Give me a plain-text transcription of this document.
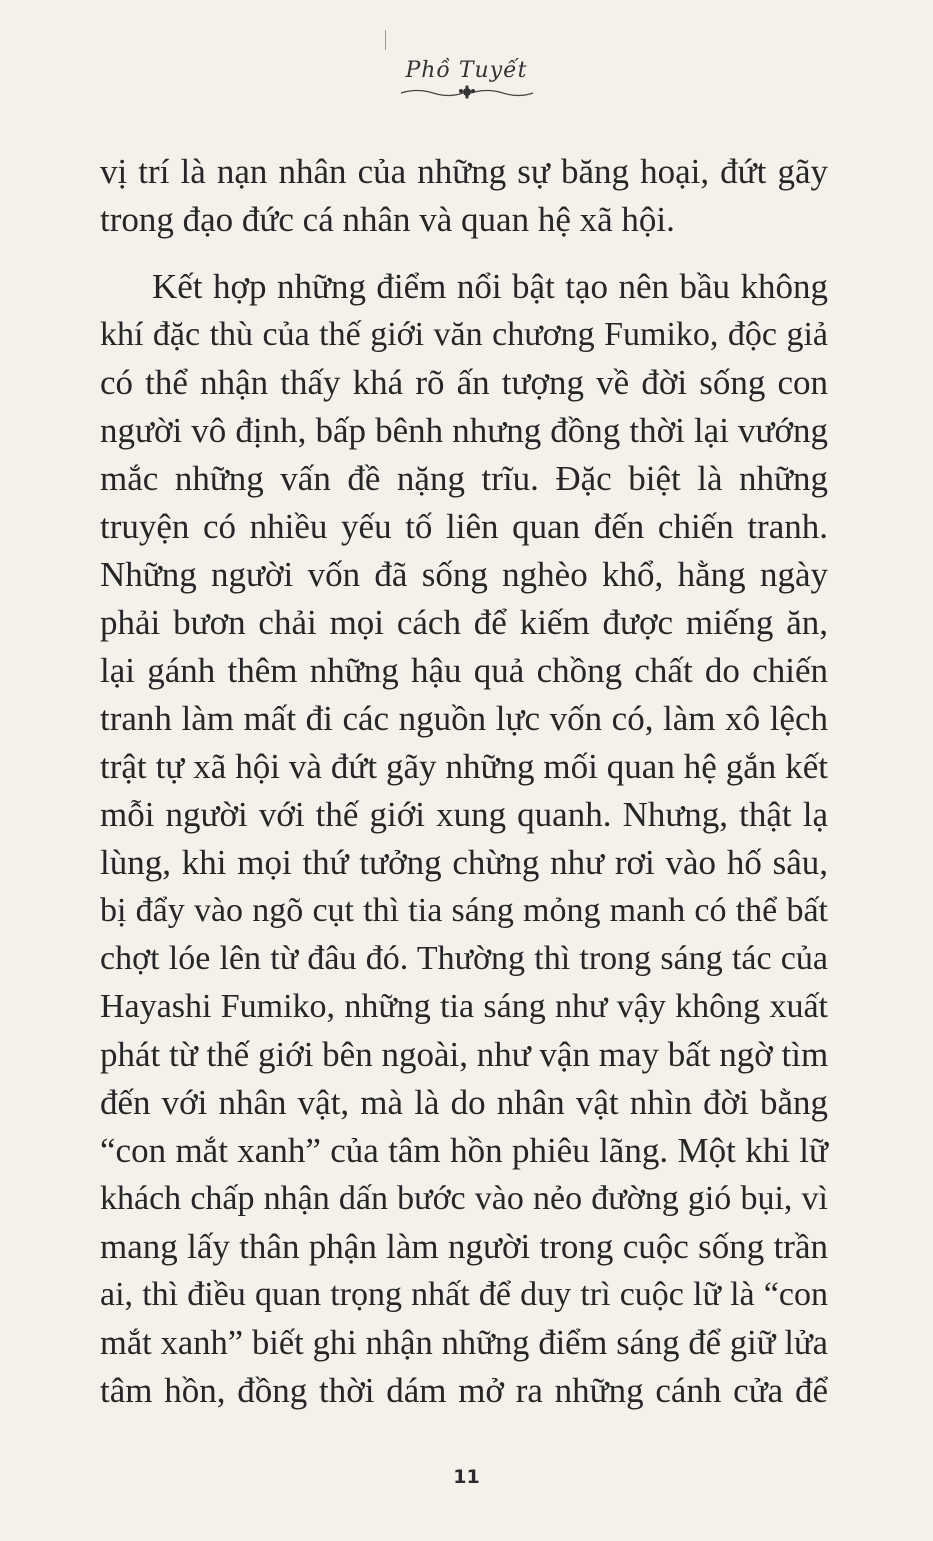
Phồ Tuyết
vị trí là nạn nhân của những sự băng hoại, đứt gãy
trong đạo đức cá nhân và quan hệ xã hội.
Kết hợp những điểm nổi bật tạo nên bầu không
khí đặc thù của thế giới văn chương Fumiko, độc giả
có thể nhận thấy khá rõ ấn tượng về đời sống con
người vô định, bấp bênh nhưng đồng thời lại vướng
mắc những vấn đề nặng trĩu. Đặc biệt là những
truyện có nhiều yếu tố liên quan đến chiến tranh.
Những người vốn đã sống nghèo khổ, hằng ngày
phải bươn chải mọi cách để kiếm được miếng ăn,
lại gánh thêm những hậu quả chồng chất do chiến
tranh làm mất đi các nguồn lực vốn có, làm xô lệch
trật tự xã hội và đứt gãy những mối quan hệ gắn kết
mỗi người với thế giới xung quanh. Nhưng, thật lạ
lùng, khi mọi thứ tưởng chừng như rơi vào hố sâu,
bị đẩy vào ngõ cụt thì tia sáng mỏng manh có thể bất
chợt lóe lên từ đâu đó. Thường thì trong sáng tác của
Hayashi Fumiko, những tia sáng như vậy không xuất
phát từ thế giới bên ngoài, như vận may bất ngờ tìm
đến với nhân vật, mà là do nhân vật nhìn đời bằng
“con mắt xanh” của tâm hồn phiêu lãng. Một khi lữ
khách chấp nhận dấn bước vào nẻo đường gió bụi, vì
mang lấy thân phận làm người trong cuộc sống trần
ai, thì điều quan trọng nhất để duy trì cuộc lữ là “con
mắt xanh” biết ghi nhận những điểm sáng để giữ lửa
tâm hồn, đồng thời dám mở ra những cánh cửa để
11
